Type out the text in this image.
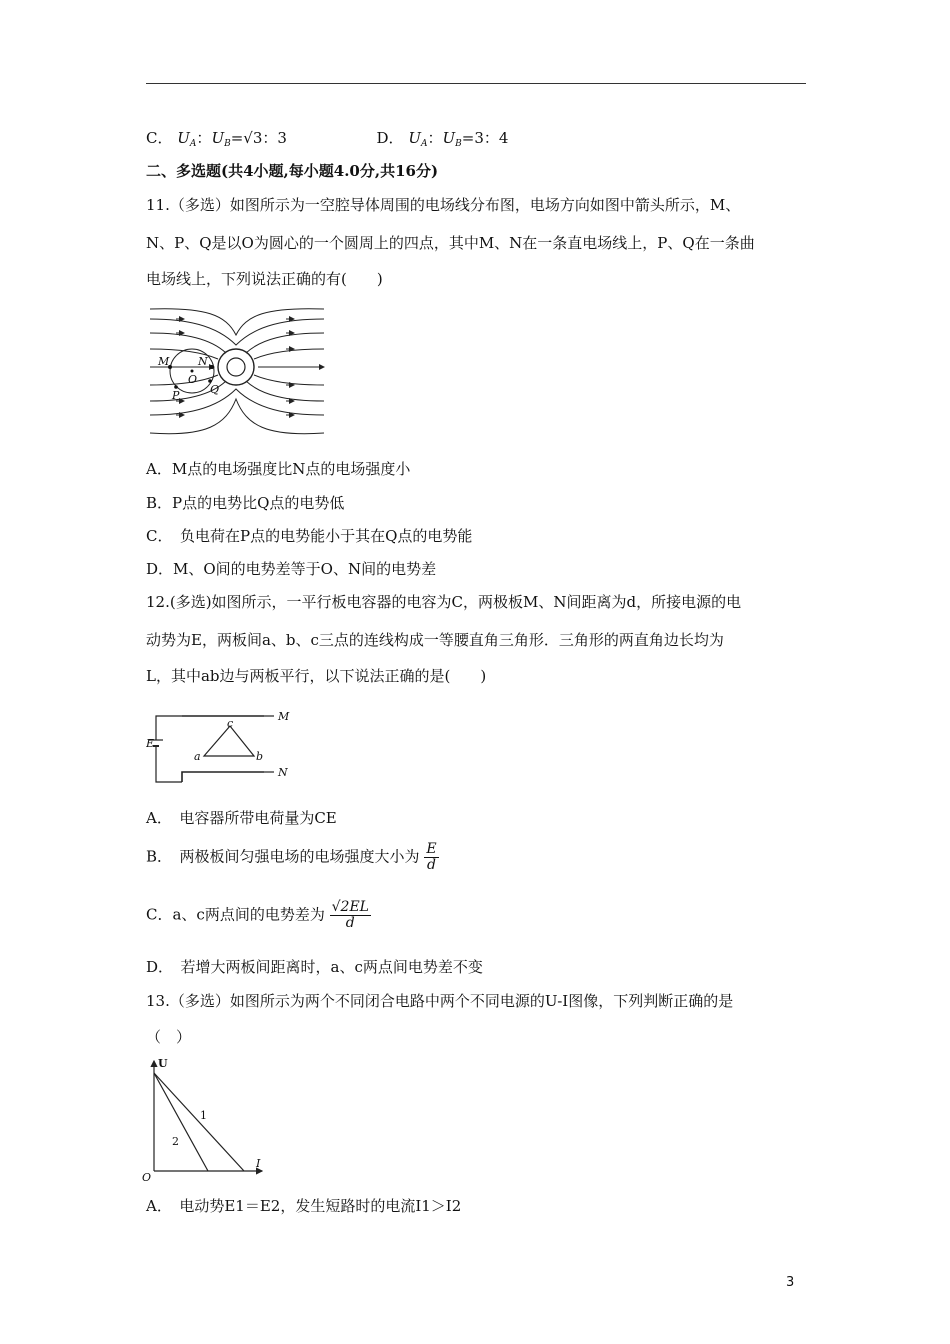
C． $U_A$：$U_B=√3$：3	D． $U_A$：$U_B=3$：4
二、多选题(共4小题,每小题4.0分,共16分)
11.（多选）如图所示为一空腔导体周围的电场线分布图，电场方向如图中箭头所示，M、
N、P、Q是以O为圆心的一个圆周上的四点，其中M、N在一条直电场线上，P、Q在一条曲
电场线上，下列说法正确的有(　　)
M	N
O
P	Q
A．M点的电场强度比N点的电场强度小
B．P点的电势比Q点的电势低
C．　负电荷在P点的电势能小于其在Q点的电势能
D．M、O间的电势差等于O、N间的电势差
12.(多选)如图所示，一平行板电容器的电容为C，两极板M、N间距离为d，所接电源的电
动势为E，两板间a、b、c三点的连线构成一等腰直角三角形．三角形的两直角边长均为
L，其中ab边与两板平行，以下说法正确的是(　　)
E
M
N
a	b
c
A．　电容器所带电荷量为CE
B．　两极板间匀强电场的电场强度大小为 $\frac{E}{d}$
C．a、c两点间的电势差为 $\frac{√2EL}{d}$
D．　若增大两板间距离时，a、c两点间电势差不变
13.（多选）如图所示为两个不同闭合电路中两个不同电源的U-I图像，下列判断正确的是
（　）
U
I
O
1
2
A．　电动势E1＝E2，发生短路时的电流I1＞I2
3
